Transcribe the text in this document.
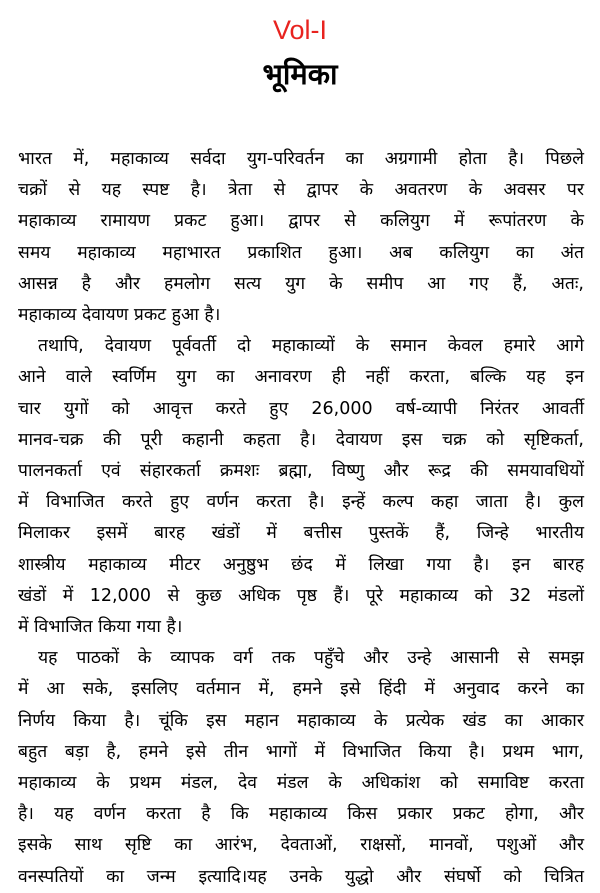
Vol-I
भूमिका
भारत में, महाकाव्य सर्वदा युग-परिवर्तन का अग्रगामी होता है। पिछले
चक्रों से यह स्पष्ट है। त्रेता से द्वापर के अवतरण के अवसर पर
महाकाव्य रामायण प्रकट हुआ। द्वापर से कलियुग में रूपांतरण के
समय महाकाव्य महाभारत प्रकाशित हुआ। अब कलियुग का अंत
आसन्न है और हमलोग सत्य युग के समीप आ गए हैं, अतः,
महाकाव्य देवायण प्रकट हुआ है।
तथापि, देवायण पूर्ववर्ती दो महाकाव्यों के समान केवल हमारे आगे
आने वाले स्वर्णिम युग का अनावरण ही नहीं करता, बल्कि यह इन
चार युगों को आवृत्त करते हुए 26,000 वर्ष-व्यापी निरंतर आवर्ती
मानव-चक्र की पूरी कहानी कहता है। देवायण इस चक्र को सृष्टिकर्ता,
पालनकर्ता एवं संहारकर्ता क्रमशः ब्रह्मा, विष्णु और रूद्र की समयावधियों
में विभाजित करते हुए वर्णन करता है। इन्हें कल्प कहा जाता है। कुल
मिलाकर इसमें बारह खंडों में बत्तीस पुस्तकें हैं, जिन्हे भारतीय
शास्त्रीय महाकाव्य मीटर अनुष्ठुभ छंद में लिखा गया है। इन बारह
खंडों में 12,000 से कुछ अधिक पृष्ठ हैं। पूरे महाकाव्य को 32 मंडलों
में विभाजित किया गया है।
यह पाठकों के व्यापक वर्ग तक पहुँचे और उन्हे आसानी से समझ
में आ सके, इसलिए वर्तमान में, हमने इसे हिंदी में अनुवाद करने का
निर्णय किया है। चूंकि इस महान महाकाव्य के प्रत्येक खंड का आकार
बहुत बड़ा है, हमने इसे तीन भागों में विभाजित किया है। प्रथम भाग,
महाकाव्य के प्रथम मंडल, देव मंडल के अधिकांश को समाविष्ट करता
है। यह वर्णन करता है कि महाकाव्य किस प्रकार प्रकट होगा, और
इसके साथ सृष्टि का आरंभ, देवताओं, राक्षसों, मानवों, पशुओं और
वनस्पतियों का जन्म इत्यादि।यह उनके युद्धो और संघर्षो को चित्रित
